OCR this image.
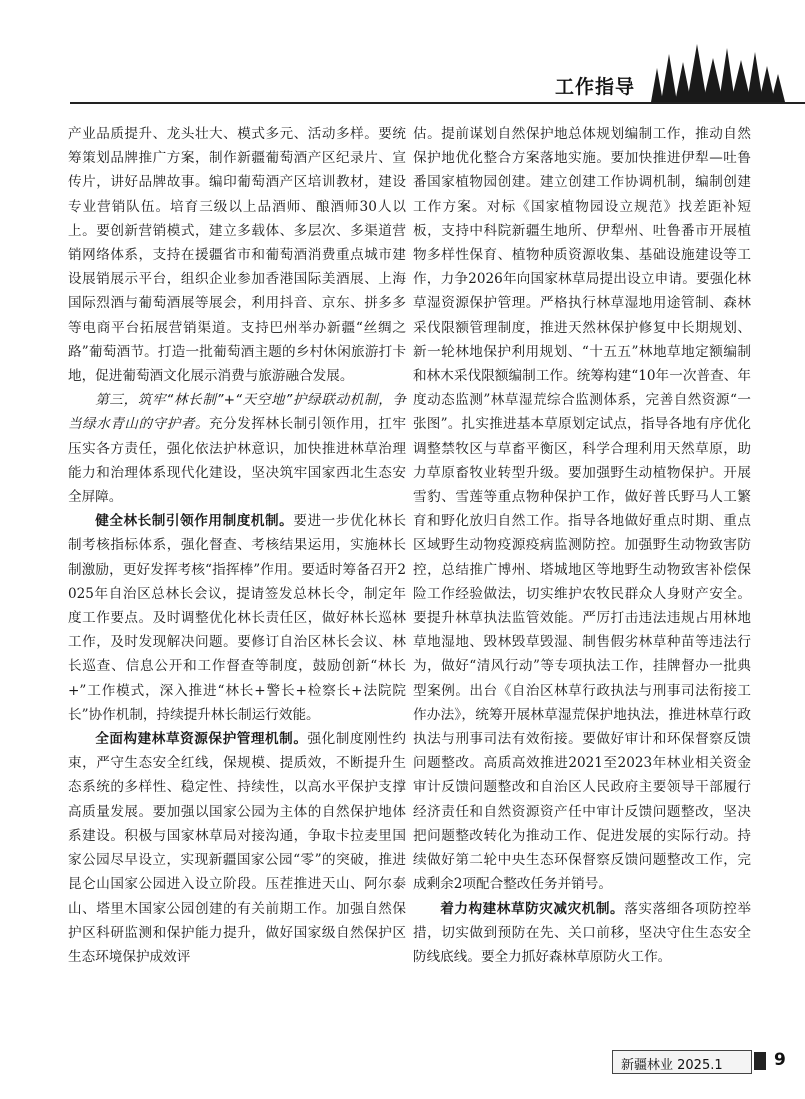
工作指导

产业品质提升、龙头壮大、模式多元、活动多样。要统筹策划品牌推广方案，制作新疆葡萄酒产区纪录片、宣传片，讲好品牌故事。编印葡萄酒产区培训教材，建设专业营销队伍。培育三级以上品酒师、酿酒师30人以上。要创新营销模式，建立多载体、多层次、多渠道营销网络体系，支持在援疆省市和葡萄酒消费重点城市建设展销展示平台，组织企业参加香港国际美酒展、上海国际烈酒与葡萄酒展等展会，利用抖音、京东、拼多多等电商平台拓展营销渠道。支持巴州举办新疆“丝绸之路”葡萄酒节。打造一批葡萄酒主题的乡村休闲旅游打卡地，促进葡萄酒文化展示消费与旅游融合发展。

第三，筑牢“林长制”+“天空地”护绿联动机制，争当绿水青山的守护者。充分发挥林长制引领作用，扛牢压实各方责任，强化依法护林意识，加快推进林草治理能力和治理体系现代化建设，坚决筑牢国家西北生态安全屏障。

健全林长制引领作用制度机制。要进一步优化林长制考核指标体系，强化督查、考核结果运用，实施林长制激励，更好发挥考核“指挥棒”作用。要适时筹备召开2025年自治区总林长会议，提请签发总林长令，制定年度工作要点。及时调整优化林长责任区，做好林长巡林工作，及时发现解决问题。要修订自治区林长会议、林长巡查、信息公开和工作督查等制度，鼓励创新“林长+”工作模式，深入推进“林长+警长+检察长+法院院长”协作机制，持续提升林长制运行效能。

全面构建林草资源保护管理机制。强化制度刚性约束，严守生态安全红线，保规模、提质效，不断提升生态系统的多样性、稳定性、持续性，以高水平保护支撑高质量发展。要加强以国家公园为主体的自然保护地体系建设。积极与国家林草局对接沟通，争取卡拉麦里国家公园尽早设立，实现新疆国家公园“零”的突破，推进昆仑山国家公园进入设立阶段。压茬推进天山、阿尔泰山、塔里木国家公园创建的有关前期工作。加强自然保护区科研监测和保护能力提升，做好国家级自然保护区生态环境保护成效评

估。提前谋划自然保护地总体规划编制工作，推动自然保护地优化整合方案落地实施。要加快推进伊犁—吐鲁番国家植物园创建。建立创建工作协调机制，编制创建工作方案。对标《国家植物园设立规范》找差距补短板，支持中科院新疆生地所、伊犁州、吐鲁番市开展植物多样性保育、植物种质资源收集、基础设施建设等工作，力争2026年向国家林草局提出设立申请。要强化林草湿资源保护管理。严格执行林草湿地用途管制、森林采伐限额管理制度，推进天然林保护修复中长期规划、新一轮林地保护利用规划、“十五五”林地草地定额编制和林木采伐限额编制工作。统筹构建“10年一次普查、年度动态监测”林草湿荒综合监测体系，完善自然资源“一张图”。扎实推进基本草原划定试点，指导各地有序优化调整禁牧区与草畜平衡区，科学合理利用天然草原，助力草原畜牧业转型升级。要加强野生动植物保护。开展雪豹、雪莲等重点物种保护工作，做好普氏野马人工繁育和野化放归自然工作。指导各地做好重点时期、重点区域野生动物疫源疫病监测防控。加强野生动物致害防控，总结推广博州、塔城地区等地野生动物致害补偿保险工作经验做法，切实维护农牧民群众人身财产安全。要提升林草执法监管效能。严厉打击违法违规占用林地草地湿地、毁林毁草毁湿、制售假劣林草种苗等违法行为，做好“清风行动”等专项执法工作，挂牌督办一批典型案例。出台《自治区林草行政执法与刑事司法衔接工作办法》，统筹开展林草湿荒保护地执法，推进林草行政执法与刑事司法有效衔接。要做好审计和环保督察反馈问题整改。高质高效推进2021至2023年林业相关资金审计反馈问题整改和自治区人民政府主要领导干部履行经济责任和自然资源资产任中审计反馈问题整改，坚决把问题整改转化为推动工作、促进发展的实际行动。持续做好第二轮中央生态环保督察反馈问题整改工作，完成剩余2项配合整改任务并销号。

着力构建林草防灾减灾机制。落实落细各项防控举措，切实做到预防在先、关口前移，坚决守住生态安全防线底线。要全力抓好森林草原防火工作。

新疆林业 2025.1	9
